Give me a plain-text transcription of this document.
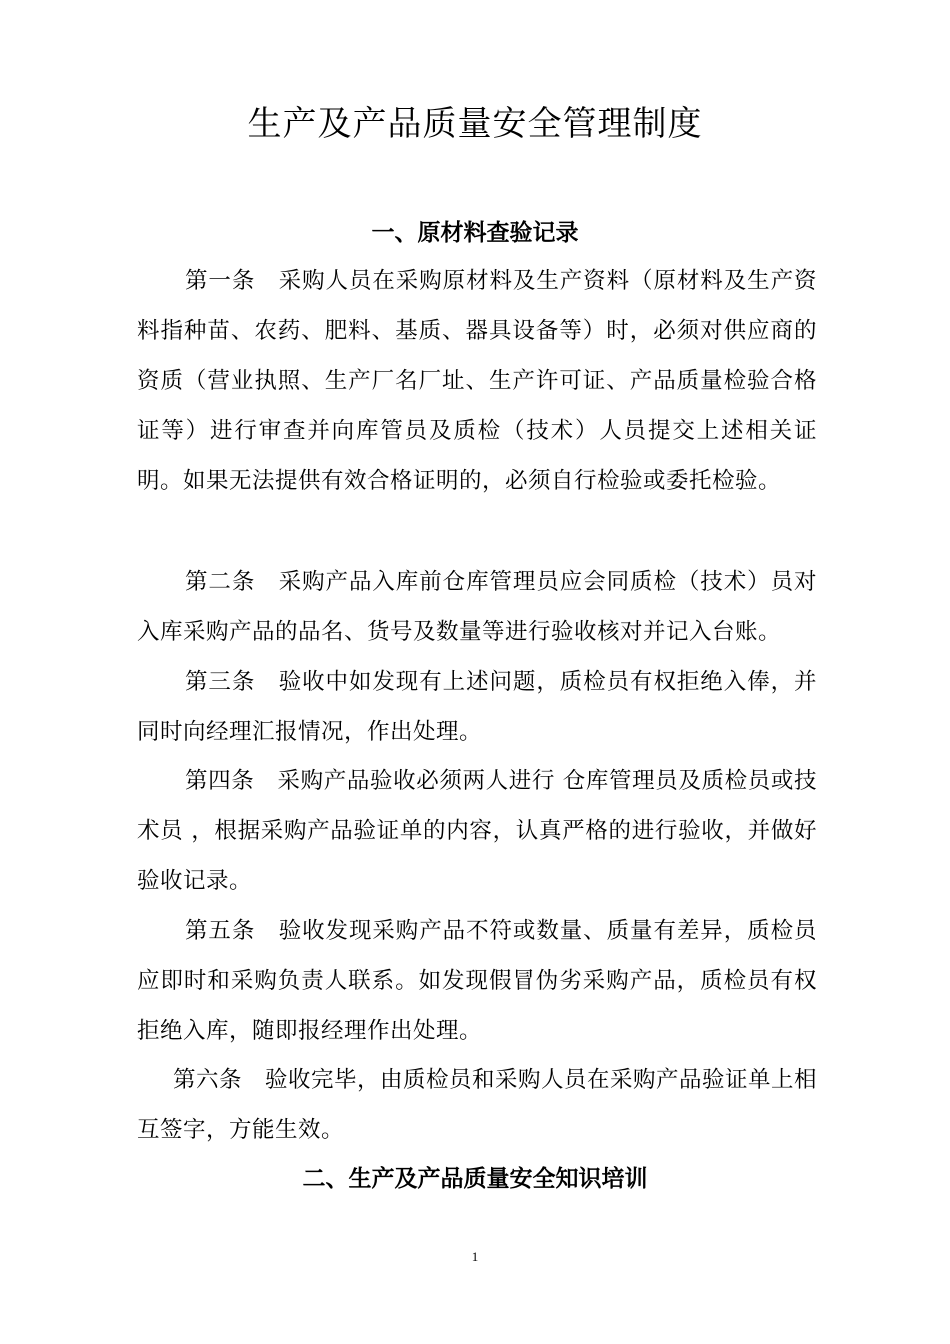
生产及产品质量安全管理制度
一、原材料查验记录

第一条　采购人员在采购原材料及生产资料（原材料及生产资料指种苗、农药、肥料、基质、器具设备等）时，必须对供应商的资质（营业执照、生产厂名厂址、生产许可证、产品质量检验合格证等）进行审查并向库管员及质检（技术）人员提交上述相关证明。如果无法提供有效合格证明的，必须自行检验或委托检验。

第二条　采购产品入库前仓库管理员应会同质检（技术）员对入库采购产品的品名、货号及数量等进行验收核对并记入台账。

第三条　验收中如发现有上述问题，质检员有权拒绝入俸，并同时向经理汇报情况，作出处理。

第四条　采购产品验收必须两人进行 仓库管理员及质检员或技术员 ，根据采购产品验证单的内容，认真严格的进行验收，并做好验收记录。

第五条　验收发现采购产品不符或数量、质量有差异，质检员应即时和采购负责人联系。如发现假冒伪劣采购产品，质检员有权拒绝入库，随即报经理作出处理。

第六条　验收完毕，由质检员和采购人员在采购产品验证单上相互签字，方能生效。

二、生产及产品质量安全知识培训
1
